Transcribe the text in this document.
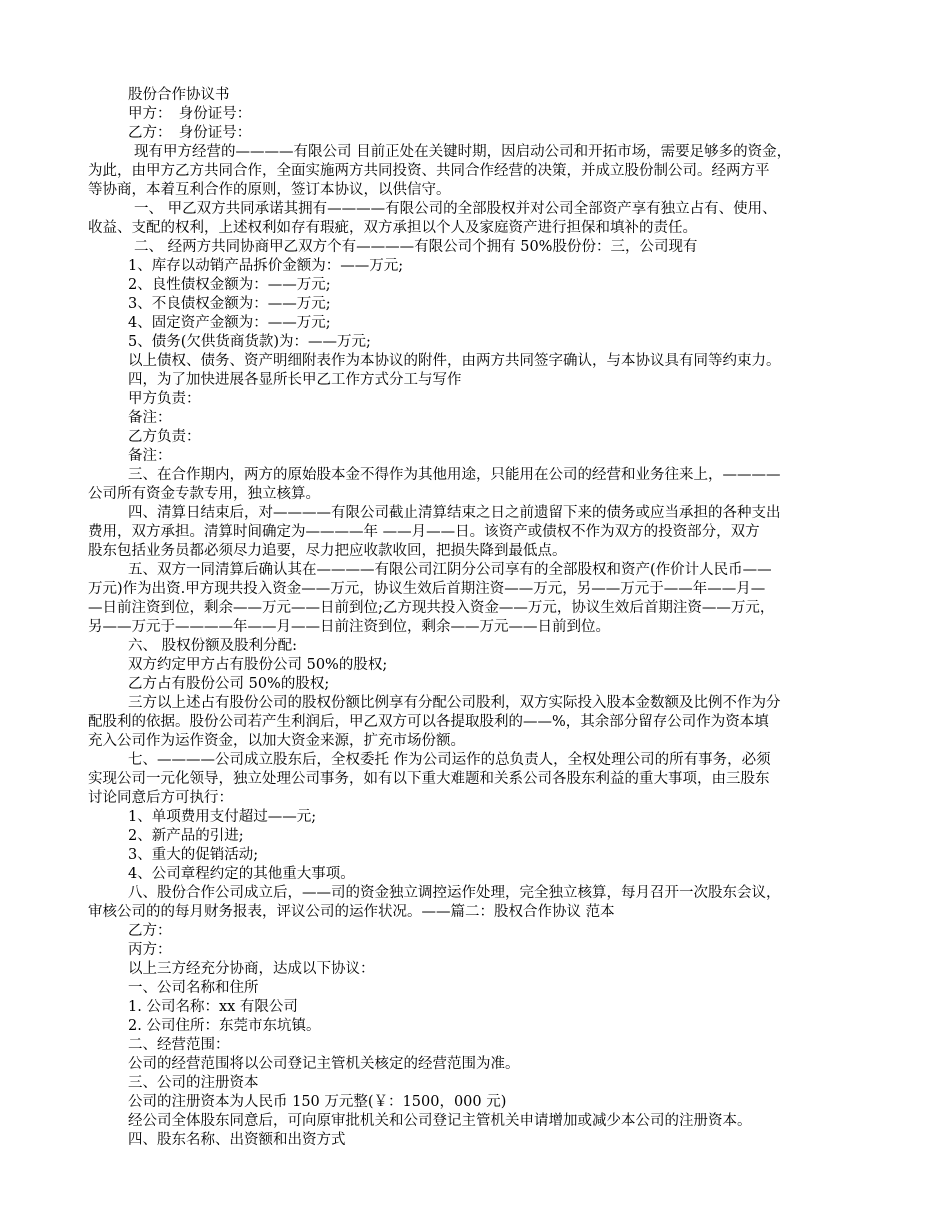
股份合作协议书
甲方：　身份证号：
乙方：　身份证号：
现有甲方经营的————有限公司 目前正处在关键时期，因启动公司和开拓市场，需要足够多的资金，
为此，由甲方乙方共同合作，全面实施两方共同投资、共同合作经营的决策，并成立股份制公司。经两方平
等协商，本着互利合作的原则，签订本协议，以供信守。
一、 甲乙双方共同承诺其拥有————有限公司的全部股权并对公司全部资产享有独立占有、使用、
收益、支配的权利，上述权利如存有瑕疵，双方承担以个人及家庭资产进行担保和填补的责任。
二、 经两方共同协商甲乙双方个有————有限公司个拥有 50%股份份：三，公司现有
1、库存以动销产品拆价金额为：——万元;
2、良性债权金额为：——万元;
3、不良债权金额为：——万元;
4、固定资产金额为：——万元;
5、债务(欠供货商货款)为：——万元;
以上债权、债务、资产明细附表作为本协议的附件，由两方共同签字确认，与本协议具有同等约束力。
四，为了加快进展各显所长甲乙工作方式分工与写作
甲方负责：
备注：
乙方负责：
备注：
三、在合作期内，两方的原始股本金不得作为其他用途，只能用在公司的经营和业务往来上，————
公司所有资金专款专用，独立核算。
四、清算日结束后，对————有限公司截止清算结束之日之前遗留下来的债务或应当承担的各种支出
费用，双方承担。清算时间确定为————年 ——月——日。该资产或债权不作为双方的投资部分，双方
股东包括业务员都必须尽力追要，尽力把应收款收回，把损失降到最低点。
五、双方一同清算后确认其在————有限公司江阴分公司享有的全部股权和资产(作价计人民币——
万元)作为出资.甲方现共投入资金——万元，协议生效后首期注资——万元，另——万元于——年——月—
—日前注资到位，剩余——万元——日前到位;乙方现共投入资金——万元，协议生效后首期注资——万元，
另——万元于————年——月——日前注资到位，剩余——万元——日前到位。
六、 股权份额及股利分配:
双方约定甲方占有股份公司 50%的股权;
乙方占有股份公司 50%的股权;
三方以上述占有股份公司的股权份额比例享有分配公司股利，双方实际投入股本金数额及比例不作为分
配股利的依据。股份公司若产生利润后，甲乙双方可以各提取股利的——%，其余部分留存公司作为资本填
充入公司作为运作资金，以加大资金来源，扩充市场份额。
七、————公司成立股东后，全权委托 作为公司运作的总负责人，全权处理公司的所有事务，必须
实现公司一元化领导，独立处理公司事务，如有以下重大难题和关系公司各股东利益的重大事项，由三股东
讨论同意后方可执行：
1、单项费用支付超过——元;
2、新产品的引进;
3、重大的促销活动;
4、公司章程约定的其他重大事项。
八、股份合作公司成立后，——司的资金独立调控运作处理，完全独立核算，每月召开一次股东会议，
审核公司的的每月财务报表，评议公司的运作状况。——篇二：股权合作协议 范本
乙方：
丙方：
以上三方经充分协商，达成以下协议：
一、公司名称和住所
1. 公司名称：xx 有限公司
2. 公司住所：东莞市东坑镇。
二、经营范围：
公司的经营范围将以公司登记主管机关核定的经营范围为准。
三、公司的注册资本
公司的注册资本为人民币 150 万元整(￥：1500，000 元)
经公司全体股东同意后，可向原审批机关和公司登记主管机关申请增加或减少本公司的注册资本。
四、股东名称、出资额和出资方式
